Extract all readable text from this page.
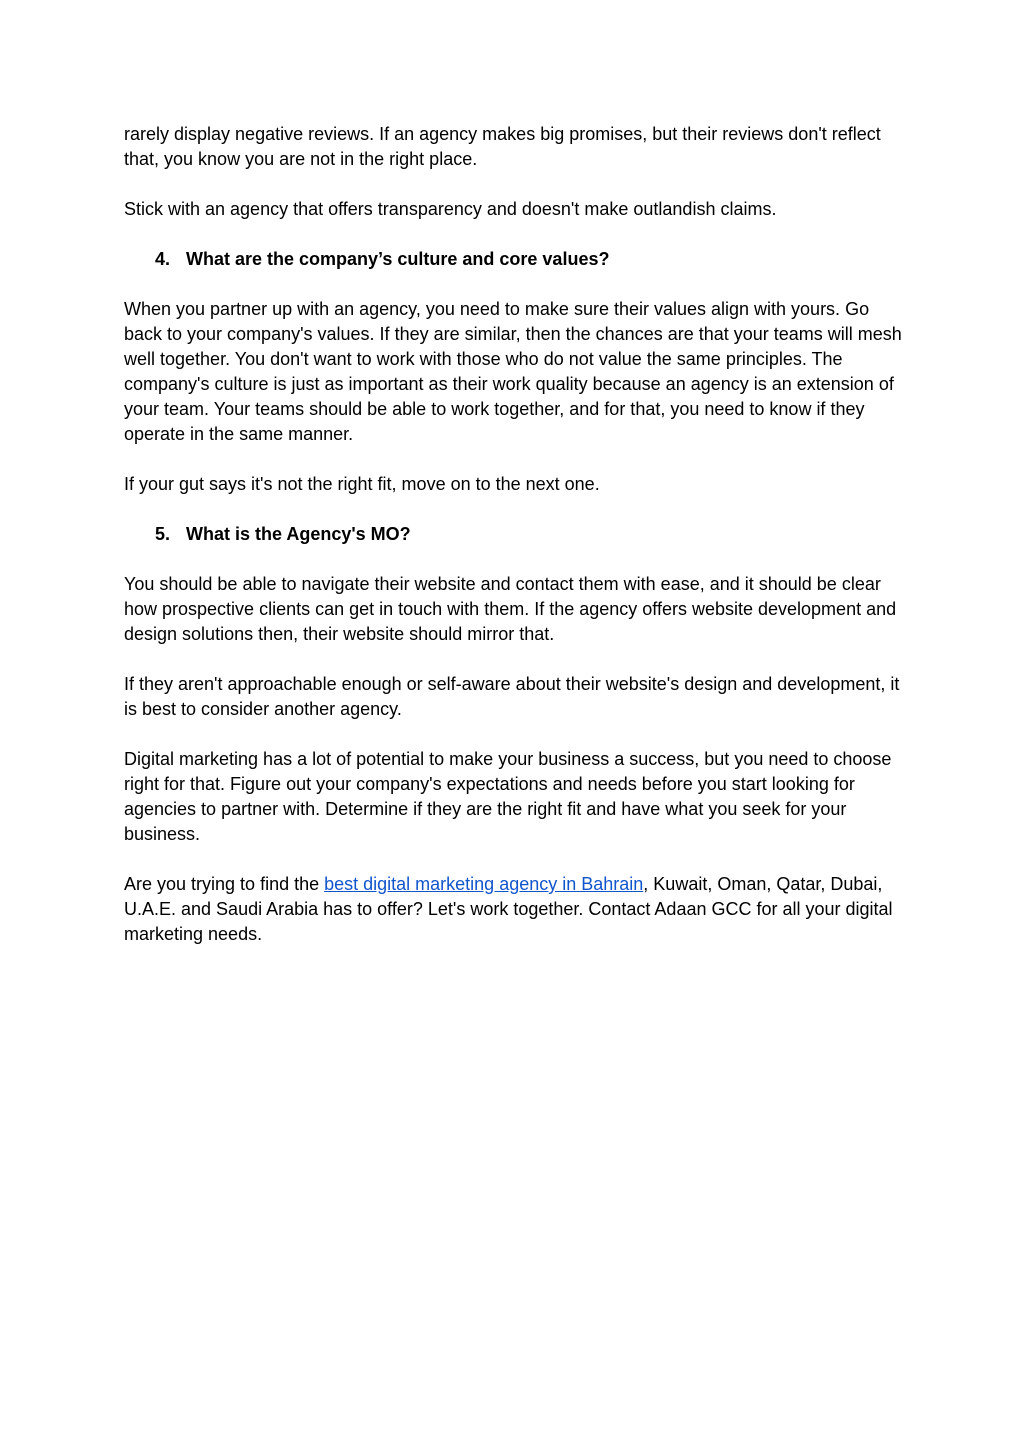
rarely display negative reviews. If an agency makes big promises, but their reviews don't reflect that, you know you are not in the right place.

Stick with an agency that offers transparency and doesn't make outlandish claims.

4. What are the company’s culture and core values?

When you partner up with an agency, you need to make sure their values align with yours. Go back to your company's values. If they are similar, then the chances are that your teams will mesh well together. You don't want to work with those who do not value the same principles. The company's culture is just as important as their work quality because an agency is an extension of your team. Your teams should be able to work together, and for that, you need to know if they operate in the same manner.

If your gut says it's not the right fit, move on to the next one.

5. What is the Agency's MO?

You should be able to navigate their website and contact them with ease, and it should be clear how prospective clients can get in touch with them. If the agency offers website development and design solutions then, their website should mirror that.

If they aren't approachable enough or self-aware about their website's design and development, it is best to consider another agency.

Digital marketing has a lot of potential to make your business a success, but you need to choose right for that. Figure out your company's expectations and needs before you start looking for agencies to partner with. Determine if they are the right fit and have what you seek for your business.

Are you trying to find the best digital marketing agency in Bahrain, Kuwait, Oman, Qatar, Dubai, U.A.E. and Saudi Arabia has to offer? Let's work together. Contact Adaan GCC for all your digital marketing needs.
